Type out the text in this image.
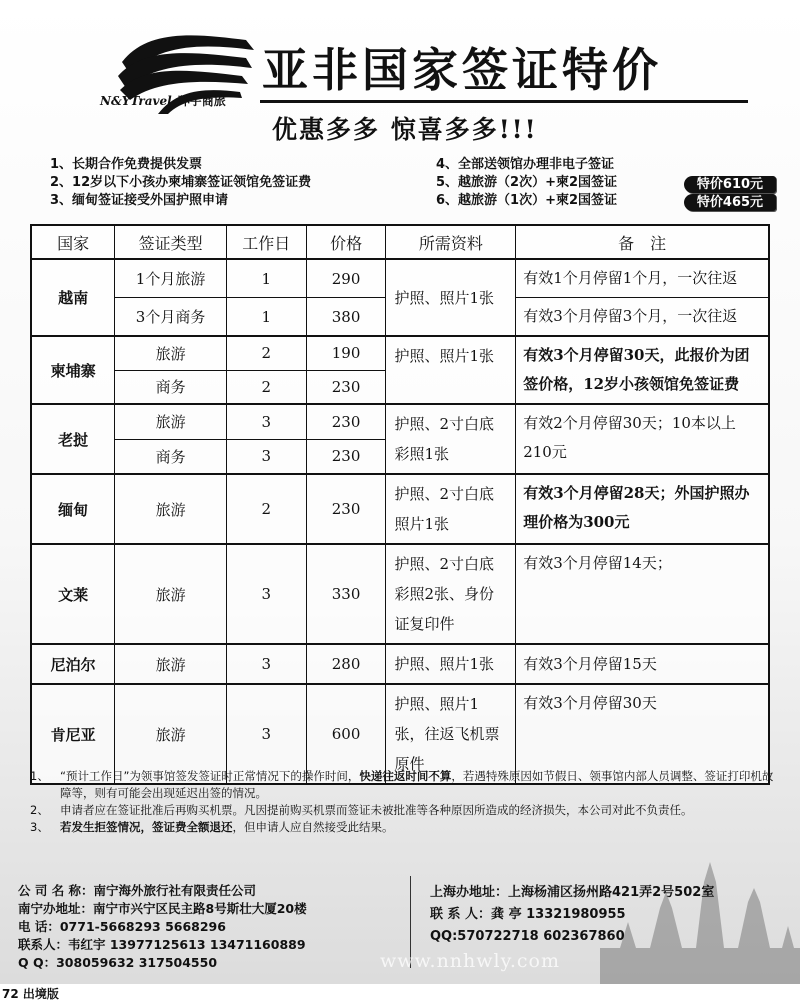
N&YTravel 环宇商旅
亚非国家签证特价
优惠多多 惊喜多多!!!
1、长期合作免费提供发票
2、12岁以下小孩办柬埔寨签证领馆免签证费
3、缅甸签证接受外国护照申请
4、全部送领馆办理非电子签证
5、越旅游（2次）+柬2国签证
6、越旅游（1次）+柬2国签证
特价610元
特价465元
国家	签证类型	工作日	价格	所需资料	备　注
越南	1个月旅游	1	290	护照、照片1张	有效1个月停留1个月，一次往返
	3个月商务	1	380		有效3个月停留3个月，一次往返
柬埔寨	旅游	2	190	护照、照片1张	有效3个月停留30天，此报价为团签价格，12岁小孩领馆免签证费
	商务	2	230		
老挝	旅游	3	230	护照、2寸白底彩照1张	有效2个月停留30天；10本以上210元
	商务	3	230		
缅甸	旅游	2	230	护照、2寸白底照片1张	有效3个月停留28天；外国护照办理价格为300元
文莱	旅游	3	330	护照、2寸白底彩照2张、身份证复印件	有效3个月停留14天；
尼泊尔	旅游	3	280	护照、照片1张	有效3个月停留15天
肯尼亚	旅游	3	600	护照、照片1张，往返飞机票原件	有效3个月停留30天
1、 “预计工作日”为领事馆签发签证时正常情况下的操作时间，快递往返时间不算，若遇特殊原因如节假日、领事馆内部人员调整、签证打印机故障等，则有可能会出现延迟出签的情况。
2、 申请者应在签证批准后再购买机票。凡因提前购买机票而签证未被批准等各种原因所造成的经济损失，本公司对此不负责任。
3、 若发生拒签情况，签证费全额退还，但申请人应自然接受此结果。
公 司 名 称：南宁海外旅行社有限责任公司
南宁办地址：南宁市兴宁区民主路8号斯壮大厦20楼
电 话：0771-5668293 5668296
联系人：韦红宇 13977125613 13471160889
Q Q：308059632 317504550
上海办地址：上海杨浦区扬州路421弄2号502室
联 系 人：龚 亭 13321980955
QQ:570722718 602367860
www.nnhwly.com
72 出境版
